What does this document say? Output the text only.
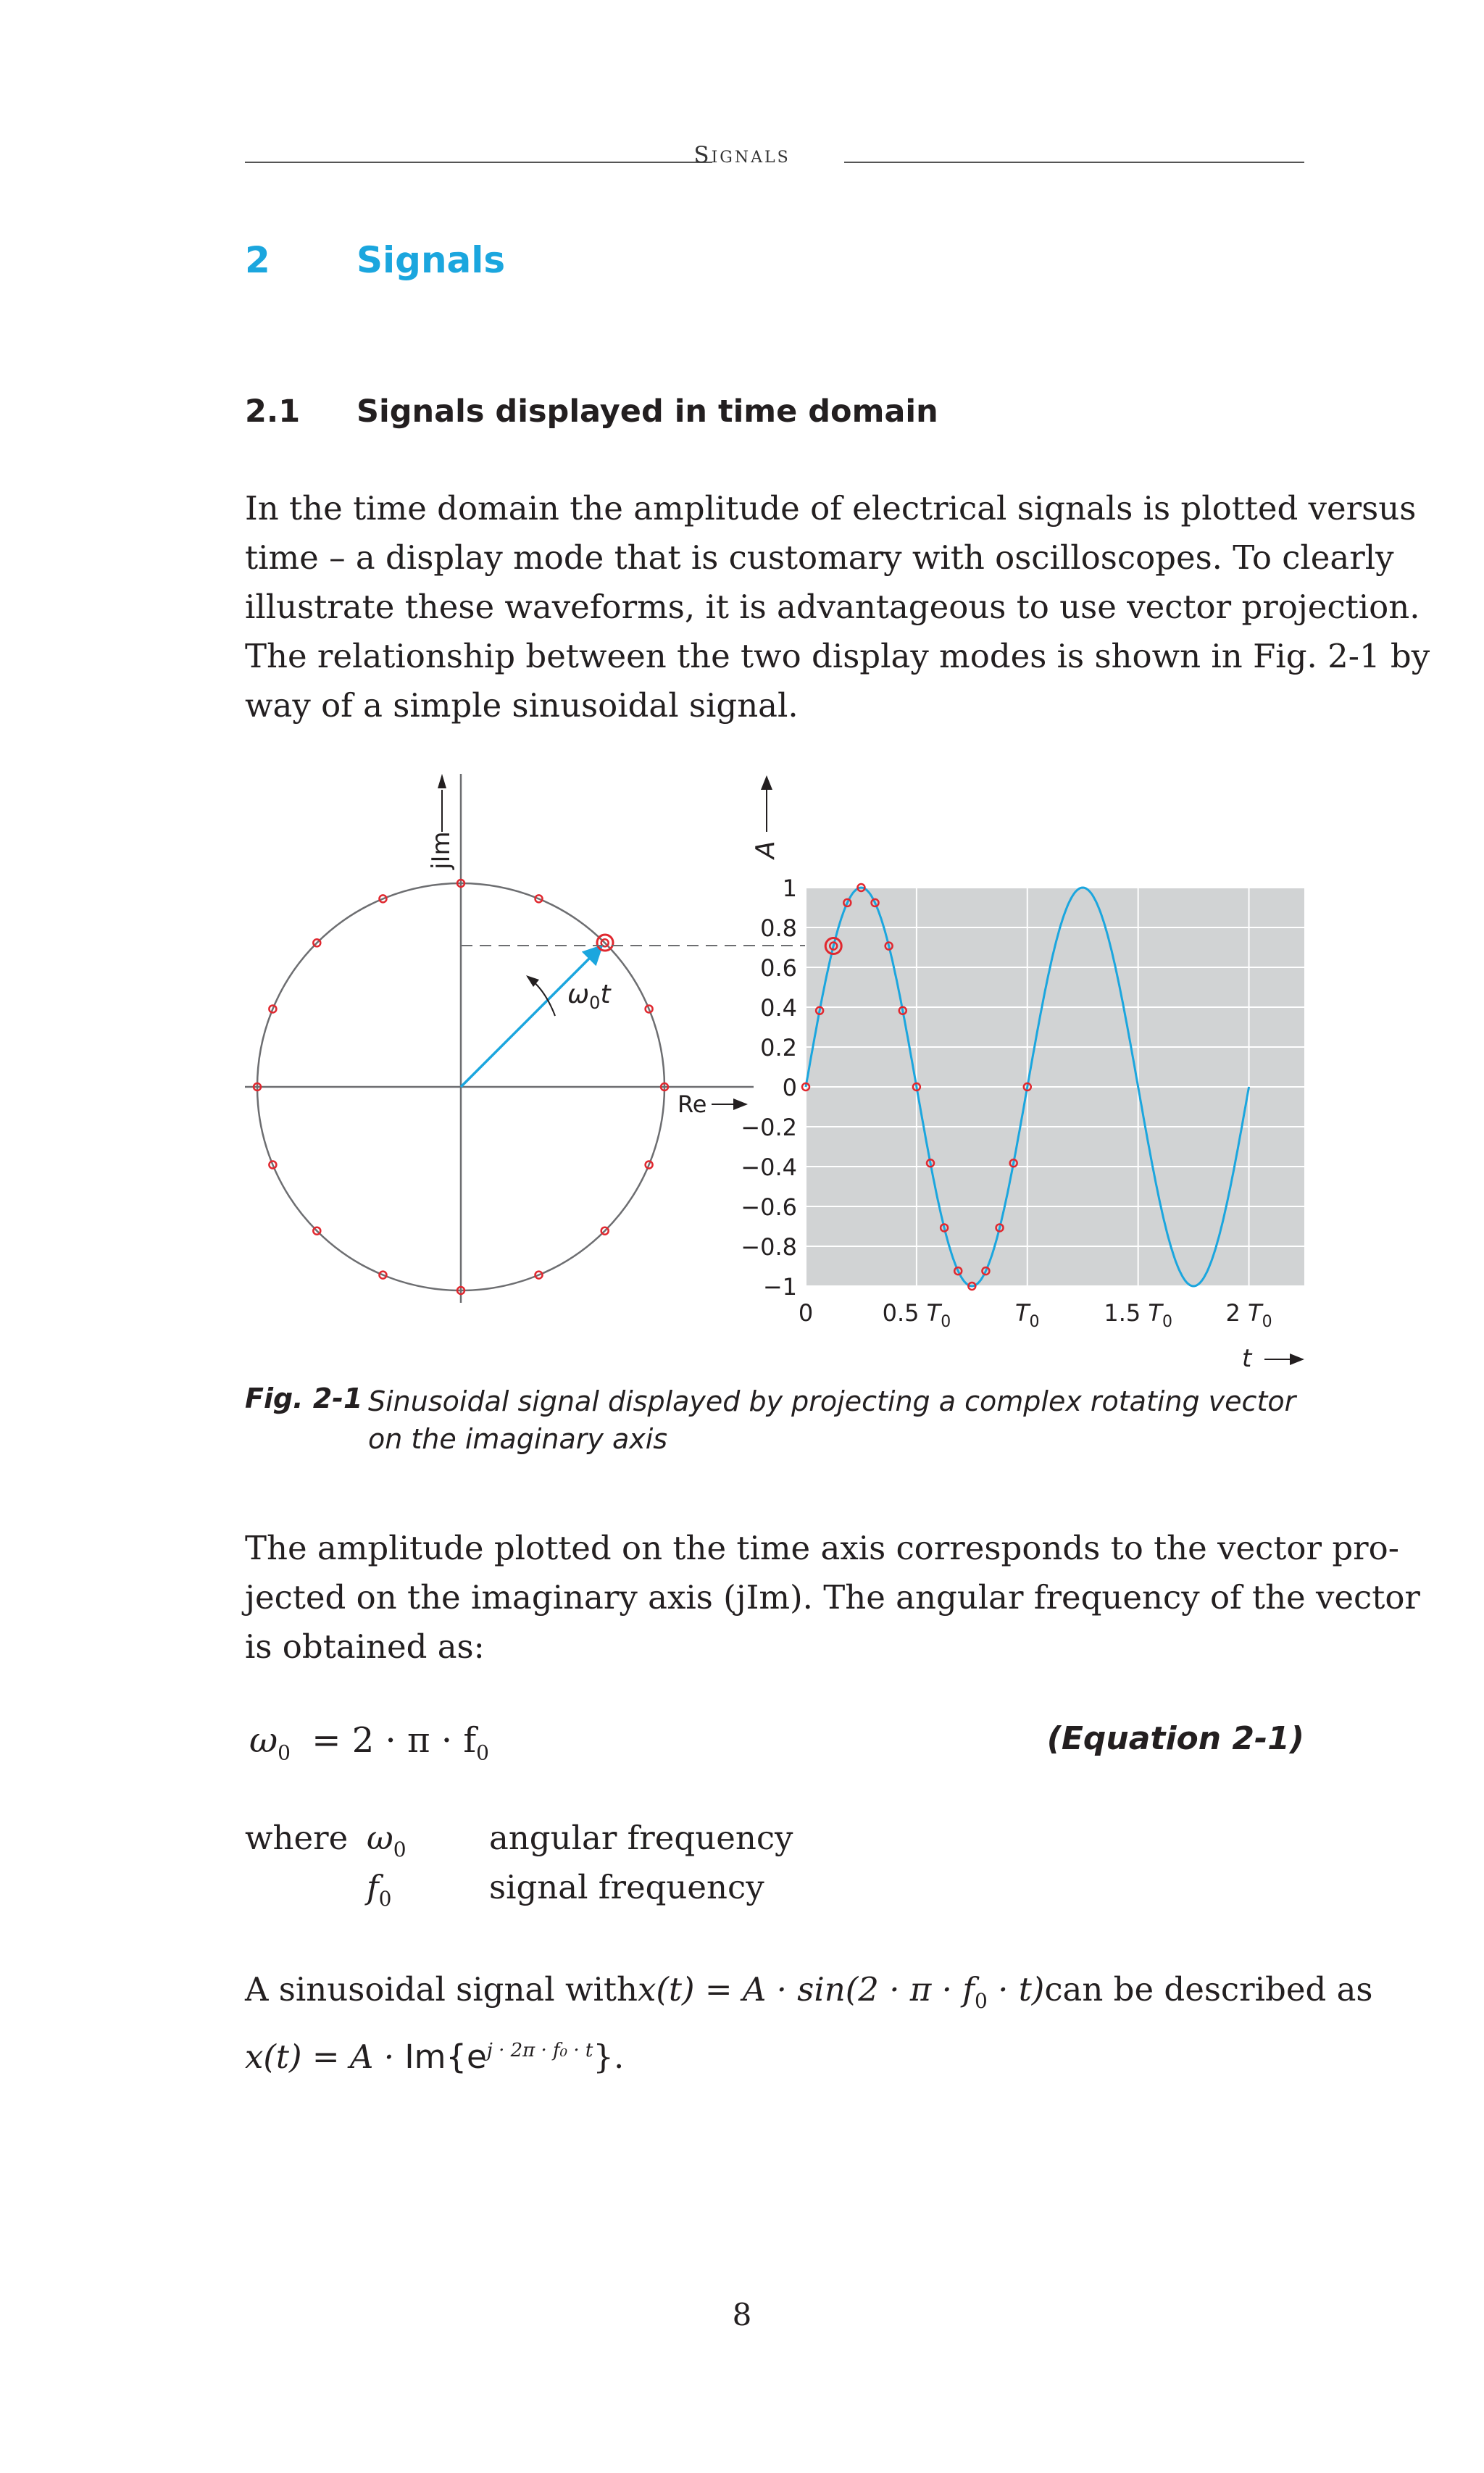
Signals
2 Signals
2.1 Signals displayed in time domain
In the time domain the amplitude of electrical signals is plotted versus
time – a display mode that is customary with oscilloscopes. To clearly
illustrate these waveforms, it is advantageous to use vector projection.
The relationship between the two display modes is shown in Fig. 2-1 by
way of a simple sinusoidal signal.
jIm
Re
$\omega_0t$
1
0.8
0.6
0.4
0.2
0
−0.2
−0.4
−0.6
−0.8
−1
0	0.5 $T_0$	$T_0$	1.5 $T_0$ 2 $T_0$
A
t
Fig. 2-1 Sinusoidal signal displayed by projecting a complex rotating vector on the imaginary axis
The amplitude plotted on the time axis corresponds to the vector pro-
jected on the imaginary axis (jIm). The angular frequency of the vector
is obtained as:
$\omega_0 = 2 \cdot \pi \cdot f_0$	(Equation 2-1)
where $\omega_0$	angular frequency
$f_0$	signal frequency
A sinusoidal signal with $x(t) = A \cdot \sin(2 \cdot \pi \cdot f_0 \cdot t)$ can be described as
$x(t) = A \cdot Im\{e^{j \cdot 2\pi \cdot f_0 \cdot t}\}$.
8
